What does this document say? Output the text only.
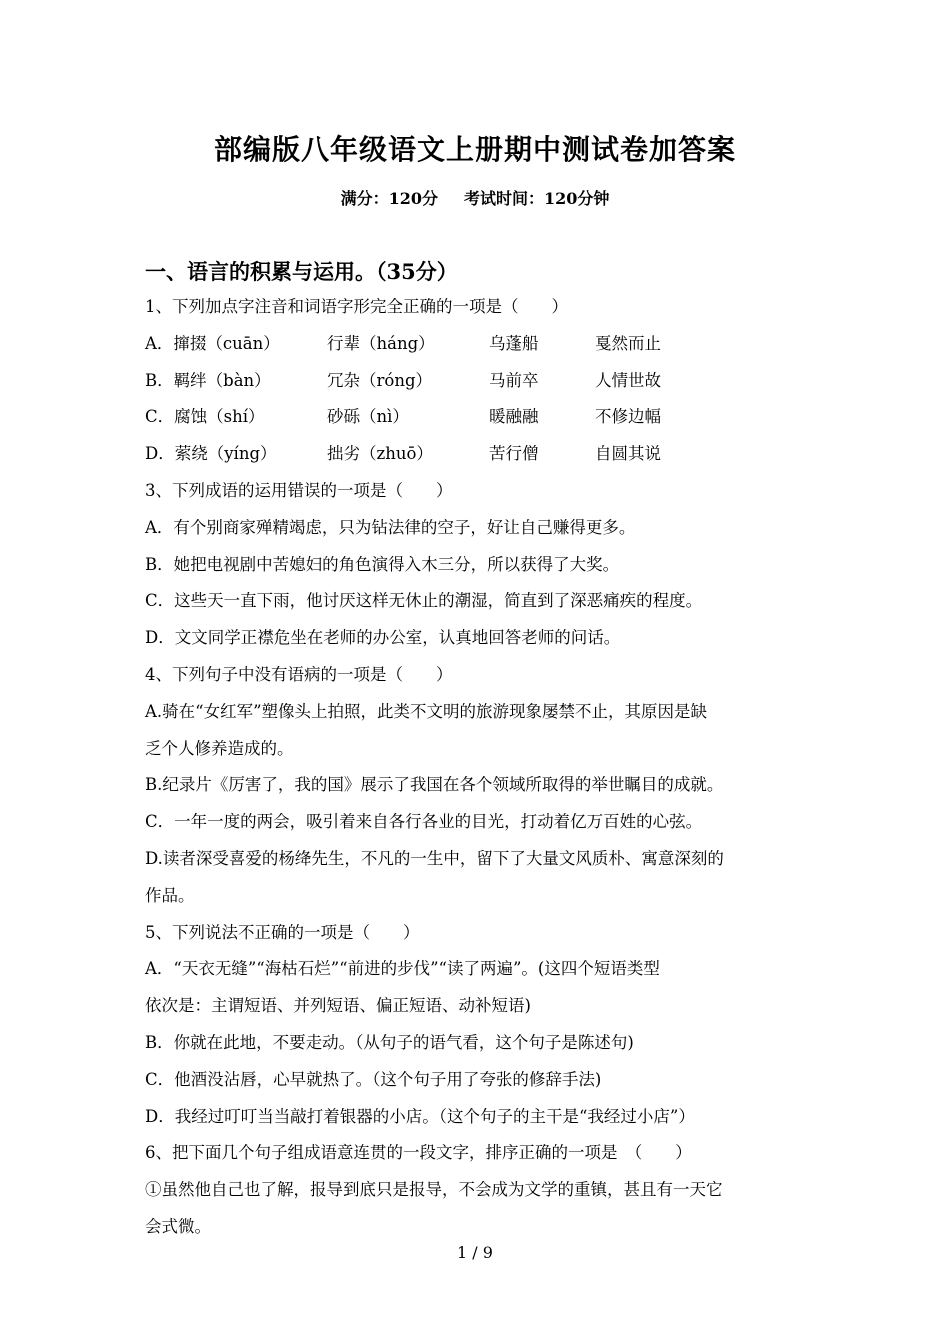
部编版八年级语文上册期中测试卷加答案
满分：120分 考试时间：120分钟
一、语言的积累与运用。（35分）
1、下列加点字注音和词语字形完全正确的一项是（　　）
A．撺掇（cuān）	行辈（háng）	乌蓬船	戛然而止
B．羁绊（bàn）	冗杂（róng）	马前卒	人情世故
C．腐蚀（shí）	砂砾（nì）	暖融融	不修边幅
D．萦绕（yíng）	拙劣（zhuō）	苦行僧	自圆其说
3、下列成语的运用错误的一项是（　　）
A．有个别商家殚精竭虑，只为钻法律的空子，好让自己赚得更多。
B．她把电视剧中苦媳妇的角色演得入木三分，所以获得了大奖。
C．这些天一直下雨，他讨厌这样无休止的潮湿，简直到了深恶痛疾的程度。
D．文文同学正襟危坐在老师的办公室，认真地回答老师的问话。
4、下列句子中没有语病的一项是（　　）
A.骑在“女红军”塑像头上拍照，此类不文明的旅游现象屡禁不止，其原因是缺
乏个人修养造成的。
B.纪录片《厉害了，我的国》展示了我国在各个领域所取得的举世瞩目的成就。
C．一年一度的两会，吸引着来自各行各业的目光，打动着亿万百姓的心弦。
D.读者深受喜爱的杨绛先生，不凡的一生中，留下了大量文风质朴、寓意深刻的
作品。
5、下列说法不正确的一项是（　　）
A．“天衣无缝”“海枯石烂”“前进的步伐”“读了两遍”。(这四个短语类型
依次是：主谓短语、并列短语、偏正短语、动补短语)
B．你就在此地，不要走动。（从句子的语气看，这个句子是陈述句)
C．他酒没沾唇，心早就热了。（这个句子用了夸张的修辞手法)
D．我经过叮叮当当敲打着银器的小店。（这个句子的主干是“我经过小店”）
6、把下面几个句子组成语意连贯的一段文字，排序正确的一项是　（　　）
①虽然他自己也了解，报导到底只是报导，不会成为文学的重镇，甚且有一天它
会式微。
1 / 9
